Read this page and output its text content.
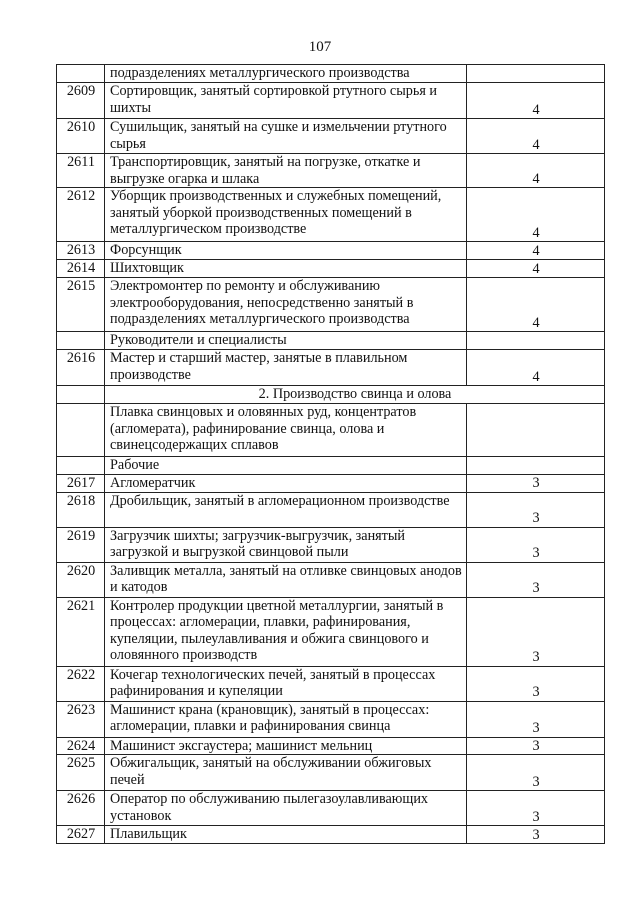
107
	подразделениях металлургического производства	
2609	Сортировщик, занятый сортировкой ртутного сырья и шихты	4
2610	Сушильщик, занятый на сушке и измельчении ртутного сырья	4
2611	Транспортировщик, занятый на погрузке, откатке и выгрузке огарка и шлака	4
2612	Уборщик производственных и служебных помещений, занятый уборкой производственных помещений в металлургическом производстве	4
2613	Форсунщик	4
2614	Шихтовщик	4
2615	Электромонтер по ремонту и обслуживанию электрооборудования, непосредственно занятый в подразделениях металлургического производства	4
	Руководители и специалисты	
2616	Мастер и старший мастер, занятые в плавильном производстве	4
	2. Производство свинца и олова	
	Плавка свинцовых и оловянных руд, концентратов (агломерата), рафинирование свинца, олова и свинецсодержащих сплавов	
	Рабочие	
2617	Агломератчик	3
2618	Дробильщик, занятый в агломерационном производстве	3
2619	Загрузчик шихты; загрузчик-выгрузчик, занятый загрузкой и выгрузкой свинцовой пыли	3
2620	Заливщик металла, занятый на отливке свинцовых анодов и катодов	3
2621	Контролер продукции цветной металлургии, занятый в процессах: агломерации, плавки, рафинирования, купеляции, пылеулавливания и обжига свинцового и оловянного производств	3
2622	Кочегар технологических печей, занятый в процессах рафинирования и купеляции	3
2623	Машинист крана (крановщик), занятый в процессах: агломерации, плавки и рафинирования свинца	3
2624	Машинист эксгаустера; машинист мельниц	3
2625	Обжигальщик, занятый на обслуживании обжиговых печей	3
2626	Оператор по обслуживанию пылегазоулавливающих установок	3
2627	Плавильщик	3
